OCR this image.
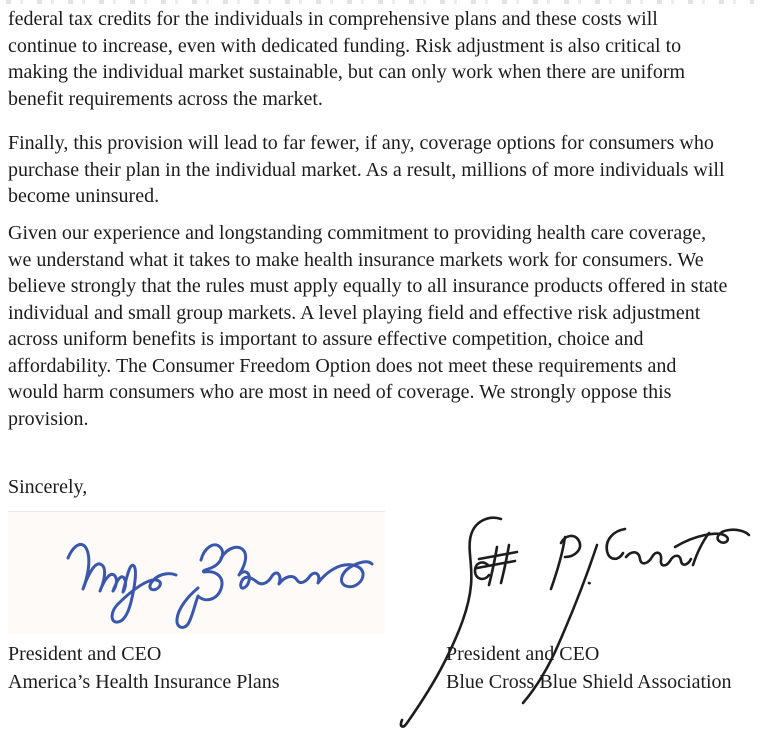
federal tax credits for the individuals in comprehensive plans and these costs will
continue to increase, even with dedicated funding. Risk adjustment is also critical to
making the individual market sustainable, but can only work when there are uniform
benefit requirements across the market.
Finally, this provision will lead to far fewer, if any, coverage options for consumers who
purchase their plan in the individual market. As a result, millions of more individuals will
become uninsured.
Given our experience and longstanding commitment to providing health care coverage,
we understand what it takes to make health insurance markets work for consumers. We
believe strongly that the rules must apply equally to all insurance products offered in state
individual and small group markets. A level playing field and effective risk adjustment
across uniform benefits is important to assure effective competition, choice and
affordability. The Consumer Freedom Option does not meet these requirements and
would harm consumers who are most in need of coverage. We strongly oppose this
provision.
Sincerely,
President and CEO
America’s Health Insurance Plans
President and CEO
Blue Cross Blue Shield Association
